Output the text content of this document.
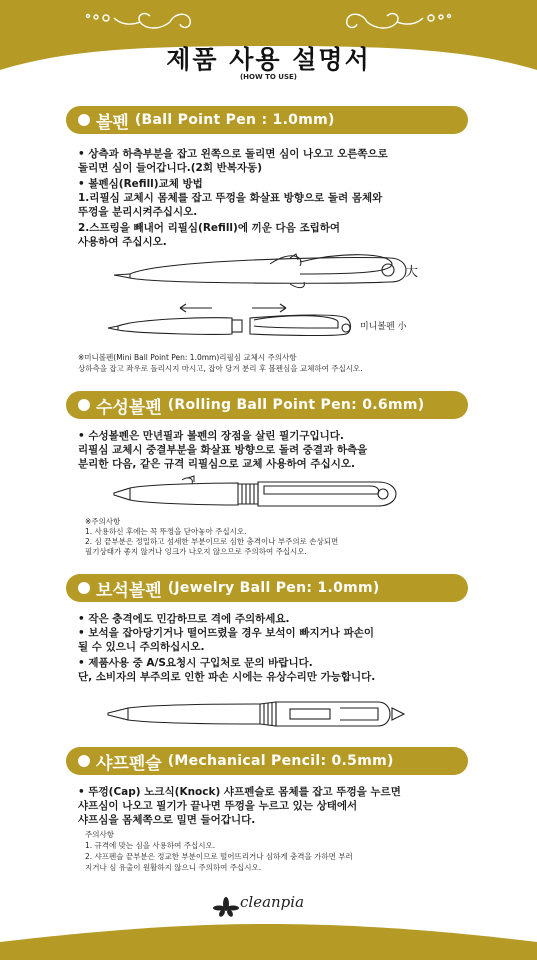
제품 사용 설명서
(HOW TO USE)
볼펜 (Ball Point Pen : 1.0mm)
• 상측과 하측부분을 잡고 왼쪽으로 돌리면 심이 나오고 오른쪽으로
돌리면 심이 들어갑니다.(2회 반복자동)
• 볼펜심(Refill)교체 방법
1.리필심 교체시 몸체를 잡고 뚜껑을 화살표 방향으로 돌려 몸체와
뚜껑을 분리시켜주십시오.
2.스프링을 빼내어 리필심(Refill)에 끼운 다음 조립하여
사용하여 주십시오.
大
미니볼펜 小
※미니볼펜(Mini Ball Point Pen: 1.0mm)리필심 교체시 주의사항
상하측을 잡고 좌우로 돌리시지 마시고, 잡아 당겨 분리 후 볼펜심을 교체하여 주십시오.
수성볼펜 (Rolling Ball Point Pen: 0.6mm)
• 수성볼펜은 만년필과 볼펜의 장점을 살린 필기구입니다.
리필심 교체시 중결부분을 화살표 방향으로 돌려 중결과 하측을
분리한 다음, 같은 규격 리필심으로 교체 사용하여 주십시오.
※주의사항
1. 사용하신 후에는 꼭 뚜껑을 닫아놓아 주십시오.
2. 심 끝부분은 정밀하고 섬세한 부분이므로 심한 충격이나 부주의로 손상되면
필기상태가 좋지 않거나 잉크가 나오지 않으므로 주의하여 주십시오.
보석볼펜 (Jewelry Ball Pen: 1.0mm)
• 작은 충격에도 민감하므로 격에 주의하세요.
• 보석을 잡아당기거나 떨어뜨렸을 경우 보석이 빠지거나 파손이
될 수 있으니 주의하십시오.
• 제품사용 중 A/S요청시 구입처로 문의 바랍니다.
단, 소비자의 부주의로 인한 파손 시에는 유상수리만 가능합니다.
샤프펜슬 (Mechanical Pencil: 0.5mm)
• 뚜껑(Cap) 노크식(Knock) 샤프펜슬로 몸체를 잡고 뚜껑을 누르면
샤프심이 나오고 필기가 끝나면 뚜껑을 누르고 있는 상태에서
샤프심을 몸체쪽으로 밀면 들어갑니다.
주의사항
1. 규격에 맞는 심을 사용하여 주십시오.
2. 샤프펜슬 끝부분은 정교한 부분이므로 떨어뜨리거나 심하게 충격을 가하면 부러
지거나 심 유출이 원활하지 않으니 주의하여 주십시오.
cleanpia
